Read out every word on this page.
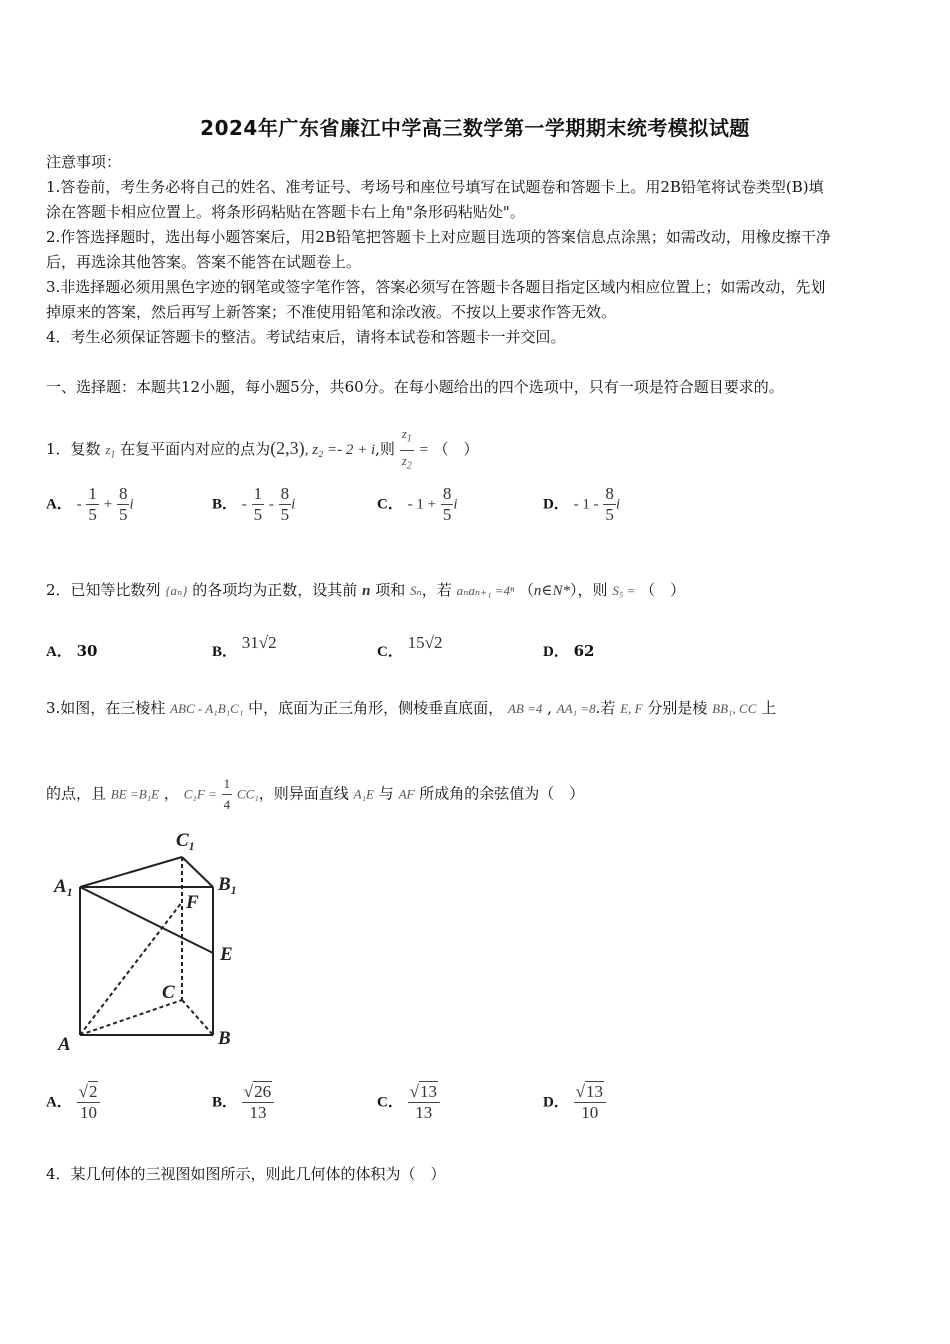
2024年广东省廉江中学高三数学第一学期期末统考模拟试题
注意事项：
1.答卷前，考生务必将自己的姓名、准考证号、考场号和座位号填写在试题卷和答题卡上。用2B铅笔将试卷类型(B)填
涂在答题卡相应位置上。将条形码粘贴在答题卡右上角"条形码粘贴处"。
2.作答选择题时，选出每小题答案后，用2B铅笔把答题卡上对应题目选项的答案信息点涂黑；如需改动，用橡皮擦干净
后，再选涂其他答案。答案不能答在试题卷上。
3.非选择题必须用黑色字迹的钢笔或签字笔作答，答案必须写在答题卡各题目指定区域内相应位置上；如需改动，先划
掉原来的答案，然后再写上新答案；不准使用铅笔和涂改液。不按以上要求作答无效。
4．考生必须保证答题卡的整洁。考试结束后，请将本试卷和答题卡一并交回。
一、选择题：本题共12小题，每小题5分，共60分。在每小题给出的四个选项中，只有一项是符合题目要求的。
1．复数 $z_1$ 在复平面内对应的点为(2,3), z₂ =- 2 + i,则 $\frac{z_1}{z_2}$ = （　）
A． - $\frac{1}{5} + \frac{8}{5}$ i	B． - $\frac{1}{5} - \frac{8}{5}$ i	C． - $1 + \frac{8}{5}$ i	D． - $1 - \frac{8}{5}$ i
2．已知等比数列 {aₙ} 的各项均为正数，设其前 n 项和 Sₙ，若 aₙaₙ₊₁ =4ⁿ （n∈N*），则 S₅ = （　）
A． 30	B． 31√2	C． 15√2	D． 62
3.如图，在三棱柱 ABC - A₁B₁C₁ 中，底面为正三角形，侧棱垂直底面， AB =4 , AA₁ =8.若 E, F 分别是棱 BB₁, CC 上
的点，且 BE =B₁E ， $C_1F = \frac{1}{4} CC_1$，则异面直线 A₁E 与 AF 所成角的余弦值为（　）
C₁
A₁	B₁
F
E
C
A	B
A． $\frac{√2}{10}$	B． $\frac{√26}{13}$	C． $\frac{√13}{13}$	D． $\frac{√13}{10}$
4．某几何体的三视图如图所示，则此几何体的体积为（　）
